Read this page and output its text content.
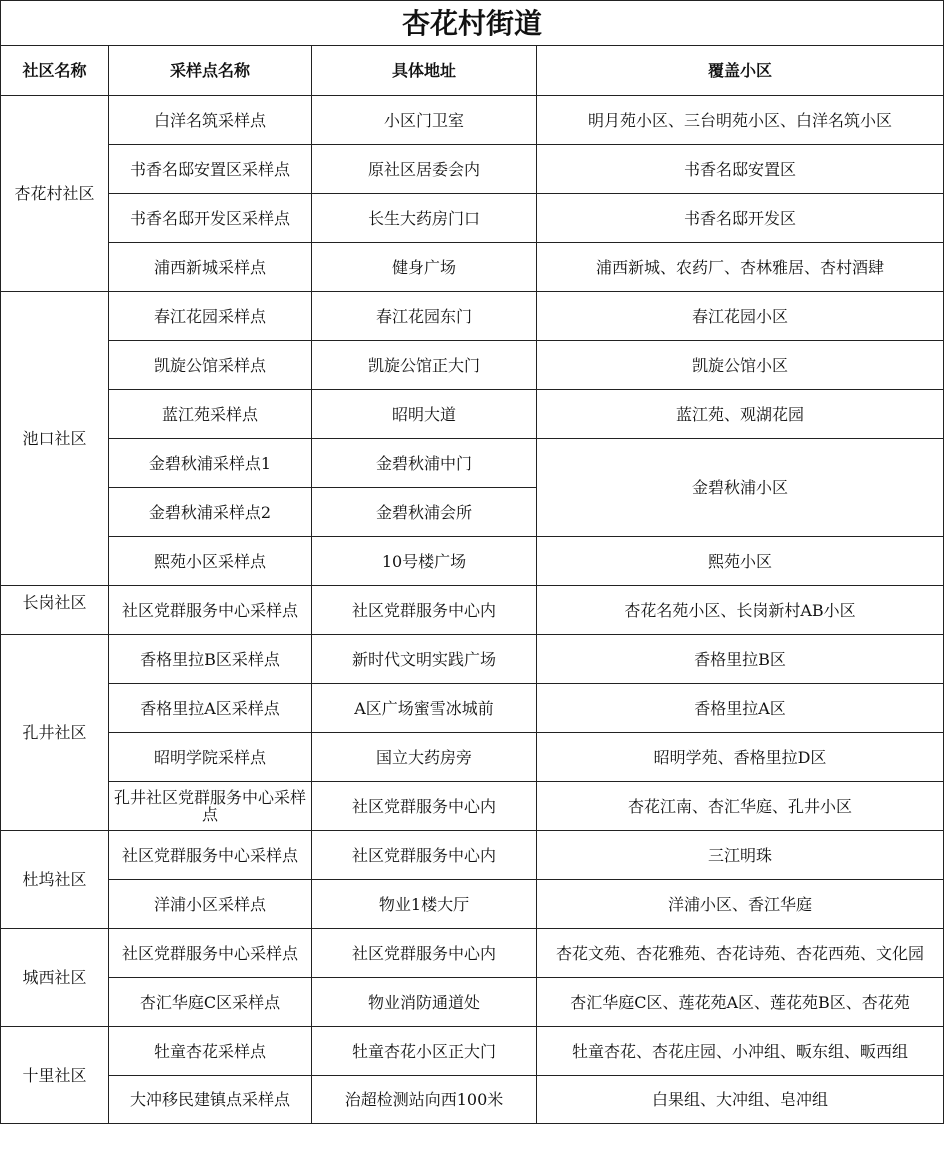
杏花村街道			
社区名称	采样点名称	具体地址	覆盖小区
杏花村社区	白洋名筑采样点	小区门卫室	明月苑小区、三台明苑小区、白洋名筑小区
	书香名邸安置区采样点	原社区居委会内	书香名邸安置区
	书香名邸开发区采样点	长生大药房门口	书香名邸开发区
	浦西新城采样点	健身广场	浦西新城、农药厂、杏林雅居、杏村酒肆
池口社区	春江花园采样点	春江花园东门	春江花园小区
	凯旋公馆采样点	凯旋公馆正大门	凯旋公馆小区
	蓝江苑采样点	昭明大道	蓝江苑、观湖花园
	金碧秋浦采样点1	金碧秋浦中门	金碧秋浦小区
	金碧秋浦采样点2	金碧秋浦会所	
	熙苑小区采样点	10号楼广场	熙苑小区
长岗社区	社区党群服务中心采样点	社区党群服务中心内	杏花名苑小区、长岗新村AB小区
孔井社区	香格里拉B区采样点	新时代文明实践广场	香格里拉B区
	香格里拉A区采样点	A区广场蜜雪冰城前	香格里拉A区
	昭明学院采样点	国立大药房旁	昭明学苑、香格里拉D区
	孔井社区党群服务中心采样点	社区党群服务中心内	杏花江南、杏汇华庭、孔井小区
杜坞社区	社区党群服务中心采样点	社区党群服务中心内	三江明珠
	洋浦小区采样点	物业1楼大厅	洋浦小区、香江华庭
城西社区	社区党群服务中心采样点	社区党群服务中心内	杏花文苑、杏花雅苑、杏花诗苑、杏花西苑、文化园
	杏汇华庭C区采样点	物业消防通道处	杏汇华庭C区、莲花苑A区、莲花苑B区、杏花苑
十里社区	牡童杏花采样点	牡童杏花小区正大门	牡童杏花、杏花庄园、小冲组、畈东组、畈西组
	大冲移民建镇点采样点	治超检测站向西100米	白果组、大冲组、皂冲组
